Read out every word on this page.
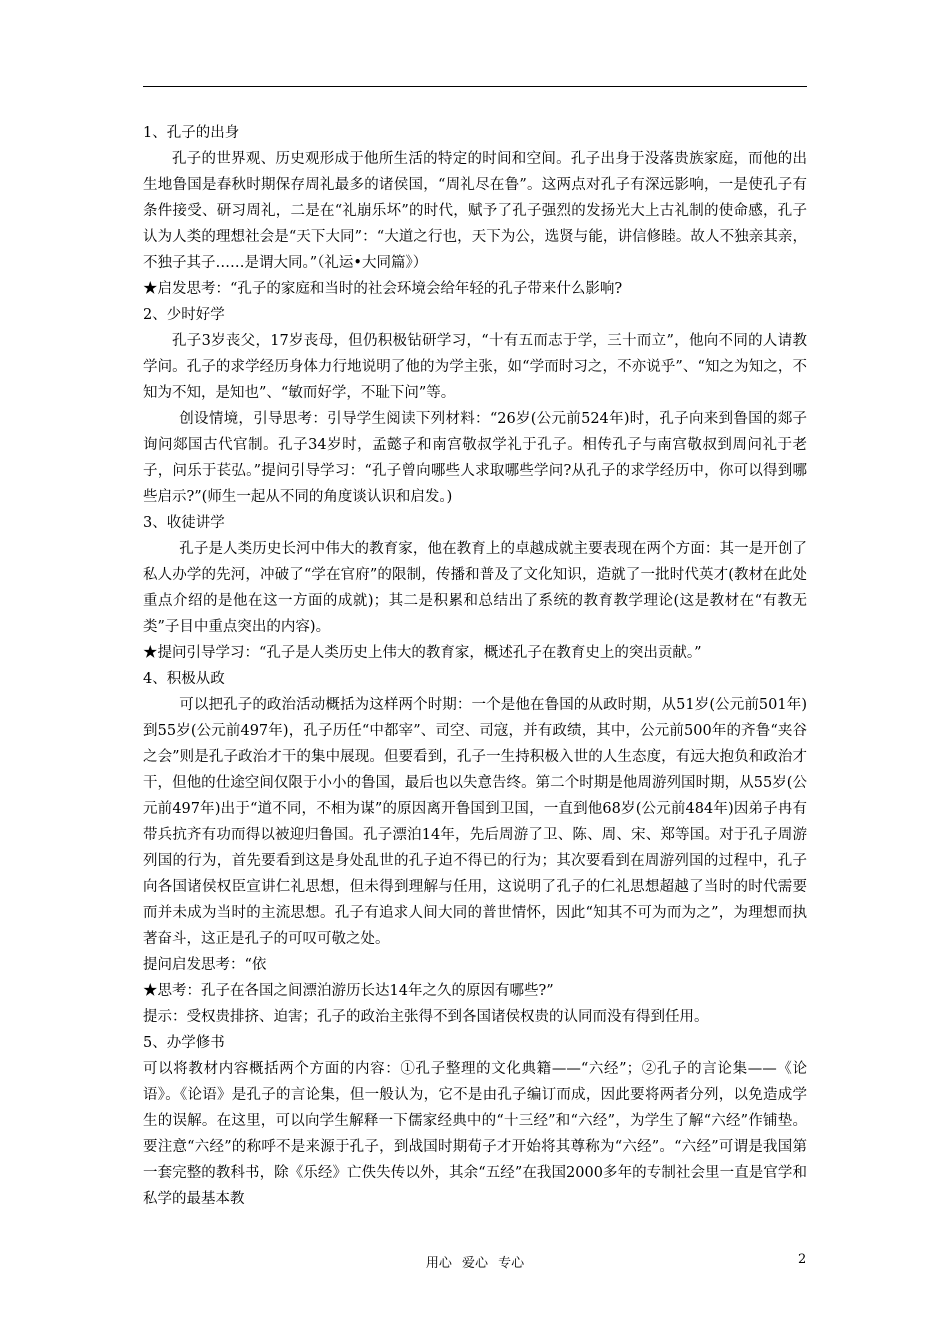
1、孔子的出身

孔子的世界观、历史观形成于他所生活的特定的时间和空间。孔子出身于没落贵族家庭，而他的出生地鲁国是春秋时期保存周礼最多的诸侯国，“周礼尽在鲁”。这两点对孔子有深远影响，一是使孔子有条件接受、研习周礼，二是在“礼崩乐坏”的时代，赋予了孔子强烈的发扬光大上古礼制的使命感，孔子认为人类的理想社会是“天下大同”：“大道之行也，天下为公，选贤与能，讲信修睦。故人不独亲其亲，不独子其子……是谓大同。”（礼运•大同篇》）

★启发思考：“孔子的家庭和当时的社会环境会给年轻的孔子带来什么影响?

2、少时好学

孔子3岁丧父，17岁丧母，但仍积极钻研学习，“十有五而志于学，三十而立”，他向不同的人请教学问。孔子的求学经历身体力行地说明了他的为学主张，如“学而时习之，不亦说乎”、“知之为知之，不知为不知，是知也”、“敏而好学，不耻下问”等。

创设情境，引导思考：引导学生阅读下列材料：“26岁(公元前524年)时，孔子向来到鲁国的郯子询问郯国古代官制。孔子34岁时，孟懿子和南宫敬叔学礼于孔子。相传孔子与南宫敬叔到周问礼于老子，问乐于苌弘。”提问引导学习：“孔子曾向哪些人求取哪些学问?从孔子的求学经历中，你可以得到哪些启示?”(师生一起从不同的角度谈认识和启发。)

3、收徒讲学

孔子是人类历史长河中伟大的教育家，他在教育上的卓越成就主要表现在两个方面：其一是开创了私人办学的先河，冲破了“学在官府”的限制，传播和普及了文化知识，造就了一批时代英才(教材在此处重点介绍的是他在这一方面的成就)；其二是积累和总结出了系统的教育教学理论(这是教材在“有教无类”子目中重点突出的内容)。

★提问引导学习：“孔子是人类历史上伟大的教育家，概述孔子在教育史上的突出贡献。”

4、积极从政

可以把孔子的政治活动概括为这样两个时期：一个是他在鲁国的从政时期，从51岁(公元前501年)到55岁(公元前497年)，孔子历任“中都宰”、司空、司寇，并有政绩，其中，公元前500年的齐鲁“夹谷之会”则是孔子政治才干的集中展现。但要看到，孔子一生持积极入世的人生态度，有远大抱负和政治才干，但他的仕途空间仅限于小小的鲁国，最后也以失意告终。第二个时期是他周游列国时期，从55岁(公元前497年)出于“道不同，不相为谋”的原因离开鲁国到卫国，一直到他68岁(公元前484年)因弟子冉有带兵抗齐有功而得以被迎归鲁国。孔子漂泊14年，先后周游了卫、陈、周、宋、郑等国。对于孔子周游列国的行为，首先要看到这是身处乱世的孔子迫不得已的行为；其次要看到在周游列国的过程中，孔子向各国诸侯权臣宣讲仁礼思想，但未得到理解与任用，这说明了孔子的仁礼思想超越了当时的时代需要而并未成为当时的主流思想。孔子有追求人间大同的普世情怀，因此“知其不可为而为之”，为理想而执著奋斗，这正是孔子的可叹可敬之处。

提问启发思考：“依

★思考：孔子在各国之间漂泊游历长达14年之久的原因有哪些?”

提示：受权贵排挤、迫害；孔子的政治主张得不到各国诸侯权贵的认同而没有得到任用。

5、办学修书

可以将教材内容概括两个方面的内容：①孔子整理的文化典籍——“六经”；②孔子的言论集——《论语》。《论语》是孔子的言论集，但一般认为，它不是由孔子编订而成，因此要将两者分列，以免造成学生的误解。在这里，可以向学生解释一下儒家经典中的“十三经”和“六经”，为学生了解“六经”作铺垫。要注意“六经”的称呼不是来源于孔子，到战国时期荀子才开始将其尊称为“六经”。“六经”可谓是我国第一套完整的教科书，除《乐经》亡佚失传以外，其余“五经”在我国2000多年的专制社会里一直是官学和私学的最基本教

用心 爱心 专心	2
